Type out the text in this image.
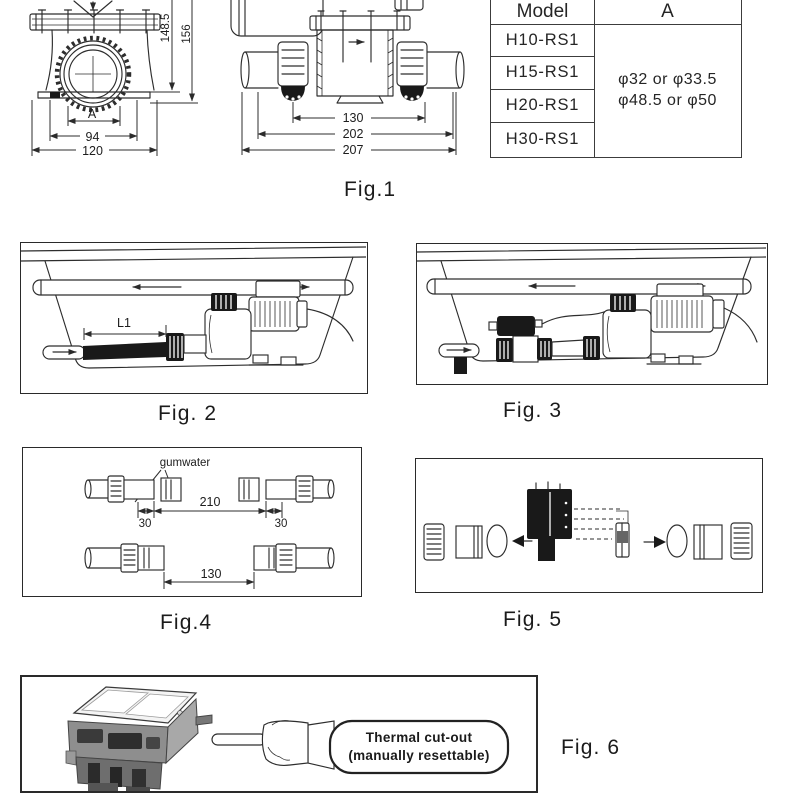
148.5 156
A
94
120
130
202
207
Model	A
H10-RS1
H15-RS1
H20-RS1
H30-RS1
φ32 or φ33.5
φ48.5 or φ50
Fig.1
L1
Fig. 2	Fig. 3
gumwater
30
210
30
130
Fig.4	Fig. 5
Thermal cut-out
(manually resettable)	Fig. 6
